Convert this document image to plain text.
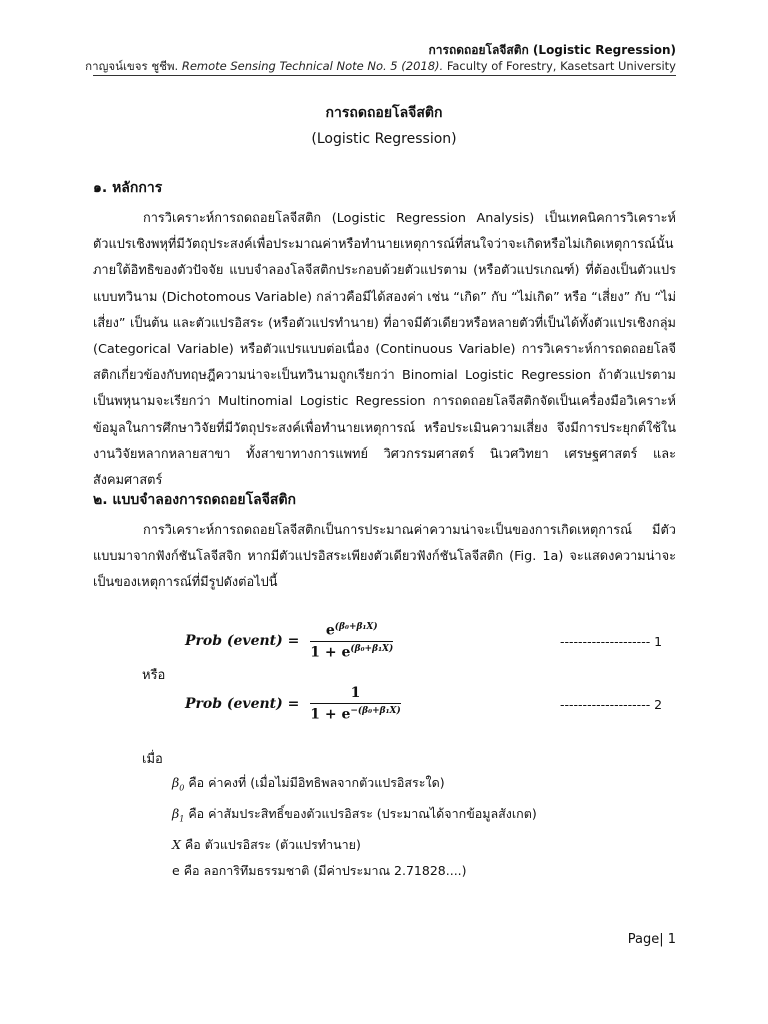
การถดถอยโลจีสติก (Logistic Regression)
กาญจน์เขจร ชูชีพ. Remote Sensing Technical Note No. 5 (2018). Faculty of Forestry, Kasetsart University
การถดถอยโลจีสติก
(Logistic Regression)
๑. หลักการ

การวิเคราะห์การถดถอยโลจีสติก (Logistic Regression Analysis) เป็นเทคนิคการวิเคราะห์ตัวแปรเชิงพหุที่มีวัตถุประสงค์เพื่อประมาณค่าหรือทำนายเหตุการณ์ที่สนใจว่าจะเกิดหรือไม่เกิดเหตุการณ์นั้นภายใต้อิทธิของตัวปัจจัย แบบจำลองโลจีสติกประกอบด้วยตัวแปรตาม (หรือตัวแปรเกณฑ์) ที่ต้องเป็นตัวแปรแบบทวินาม (Dichotomous Variable) กล่าวคือมีได้สองค่า เช่น “เกิด” กับ “ไม่เกิด” หรือ “เสี่ยง” กับ “ไม่เสี่ยง” เป็นต้น และตัวแปรอิสระ (หรือตัวแปรทำนาย) ที่อาจมีตัวเดียวหรือหลายตัวที่เป็นได้ทั้งตัวแปรเชิงกลุ่ม (Categorical Variable) หรือตัวแปรแบบต่อเนื่อง (Continuous Variable) การวิเคราะห์การถดถอยโลจีสติกเกี่ยวข้องกับทฤษฎีความน่าจะเป็นทวินามถูกเรียกว่า Binomial Logistic Regression ถ้าตัวแปรตามเป็นพหุนามจะเรียกว่า Multinomial Logistic Regression การถดถอยโลจีสติกจัดเป็นเครื่องมือวิเคราะห์ข้อมูลในการศึกษาวิจัยที่มีวัตถุประสงค์เพื่อทำนายเหตุการณ์ หรือประเมินความเสี่ยง จึงมีการประยุกต์ใช้ในงานวิจัยหลากหลายสาขา ทั้งสาขาทางการแพทย์ วิศวกรรมศาสตร์ นิเวศวิทยา เศรษฐศาสตร์ และสังคมศาสตร์

๒. แบบจำลองการถดถอยโลจีสติก

การวิเคราะห์การถดถอยโลจีสติกเป็นการประมาณค่าความน่าจะเป็นของการเกิดเหตุการณ์ มีตัวแบบมาจากฟังก์ชันโลจีสจิก หากมีตัวแปรอิสระเพียงตัวเดียวฟังก์ชันโลจีสติก (Fig. 1a) จะแสดงความน่าจะเป็นของเหตุการณ์ที่มีรูปดังต่อไปนี้

Prob (event) = $\frac{e^{(\beta_0+\beta_1X)}}{1 + e^{(\beta_0+\beta_1X)}}$	-------------------- 1
หรือ
Prob (event) = $\frac{1}{1 + e^{-(\beta_0+\beta_1X)}}$	-------------------- 2
เมื่อ
$\beta_0$ คือ ค่าคงที่ (เมื่อไม่มีอิทธิพลจากตัวแปรอิสระใด)
$\beta_1$ คือ ค่าสัมประสิทธิ์ของตัวแปรอิสระ (ประมาณได้จากข้อมูลสังเกต)
X คือ ตัวแปรอิสระ (ตัวแปรทำนาย)
e คือ ลอการิทึมธรรมชาติ (มีค่าประมาณ 2.71828....)
Page| 1
